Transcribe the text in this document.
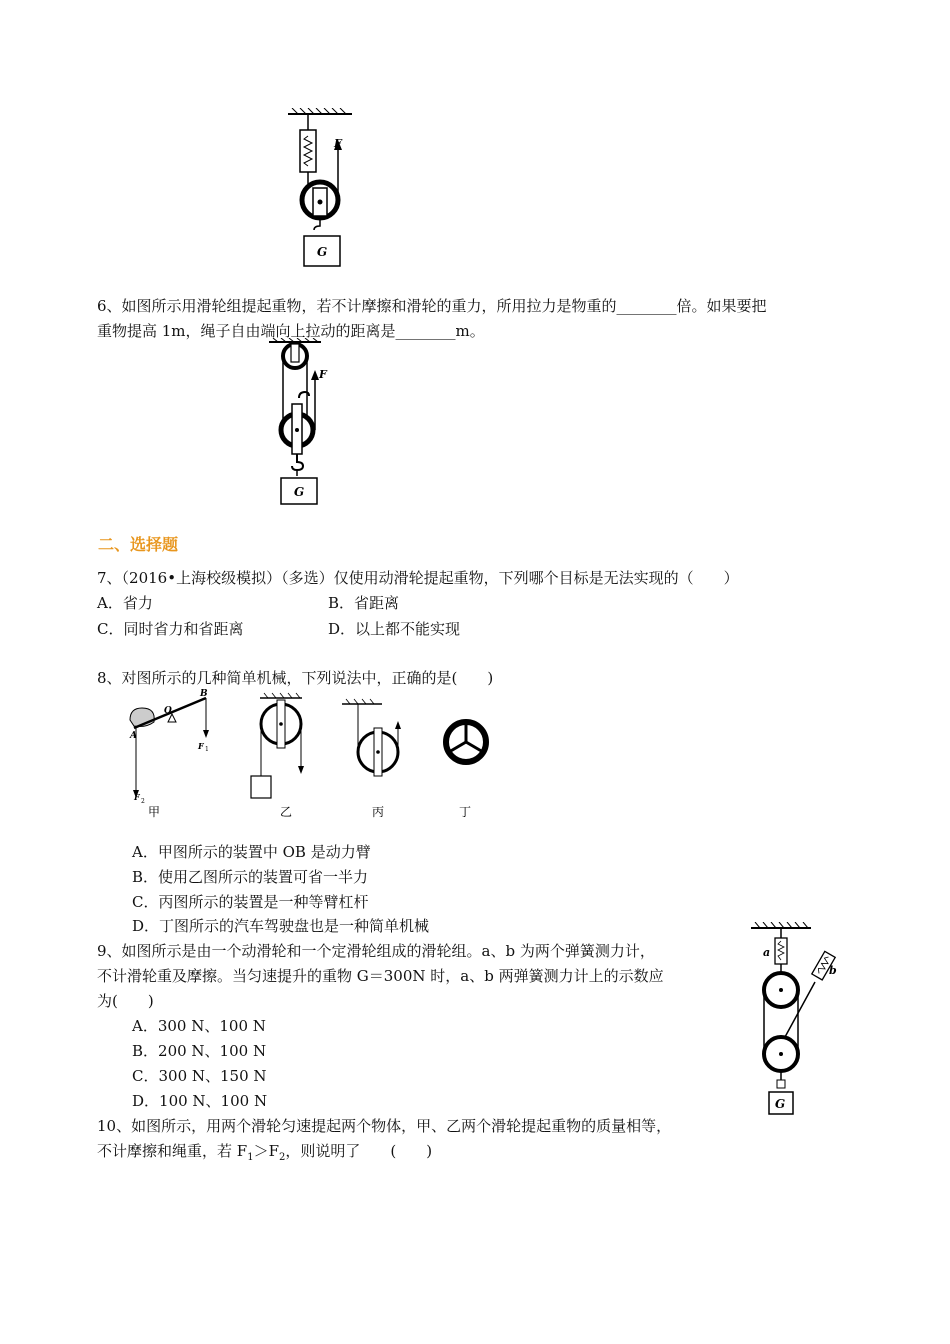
F
G
6、如图所示用滑轮组提起重物，若不计摩擦和滑轮的重力，所用拉力是物重的________倍。如果要把
重物提高 1m，绳子自由端向上拉动的距离是________m。
F
G
二、选择题
7、（2016•上海校级模拟）（多选）仅使用动滑轮提起重物，下列哪个目标是无法实现的（　　）
A．省力	B．省距离
C．同时省力和省距离	D．以上都不能实现
8、对图所示的几种简单机械，下列说法中，正确的是(　　)
O
A
B
F 1
F 2
甲	乙	丙	丁
A．甲图所示的装置中 OB 是动力臂
B．使用乙图所示的装置可省一半力
C．丙图所示的装置是一种等臂杠杆
D．丁图所示的汽车驾驶盘也是一种简单机械
9、如图所示是由一个动滑轮和一个定滑轮组成的滑轮组。a、b 为两个弹簧测力计，
不计滑轮重及摩擦。当匀速提升的重物 G＝300N 时，a、b 两弹簧测力计上的示数应
为(　　)
A．300 N、100 N
B．200 N、100 N
C．300 N、150 N
D．100 N、100 N
a
b
G
10、如图所示，用两个滑轮匀速提起两个物体，甲、乙两个滑轮提起重物的质量相等，
不计摩擦和绳重，若 $F_1>F_2$，则说明了　　(　　)
